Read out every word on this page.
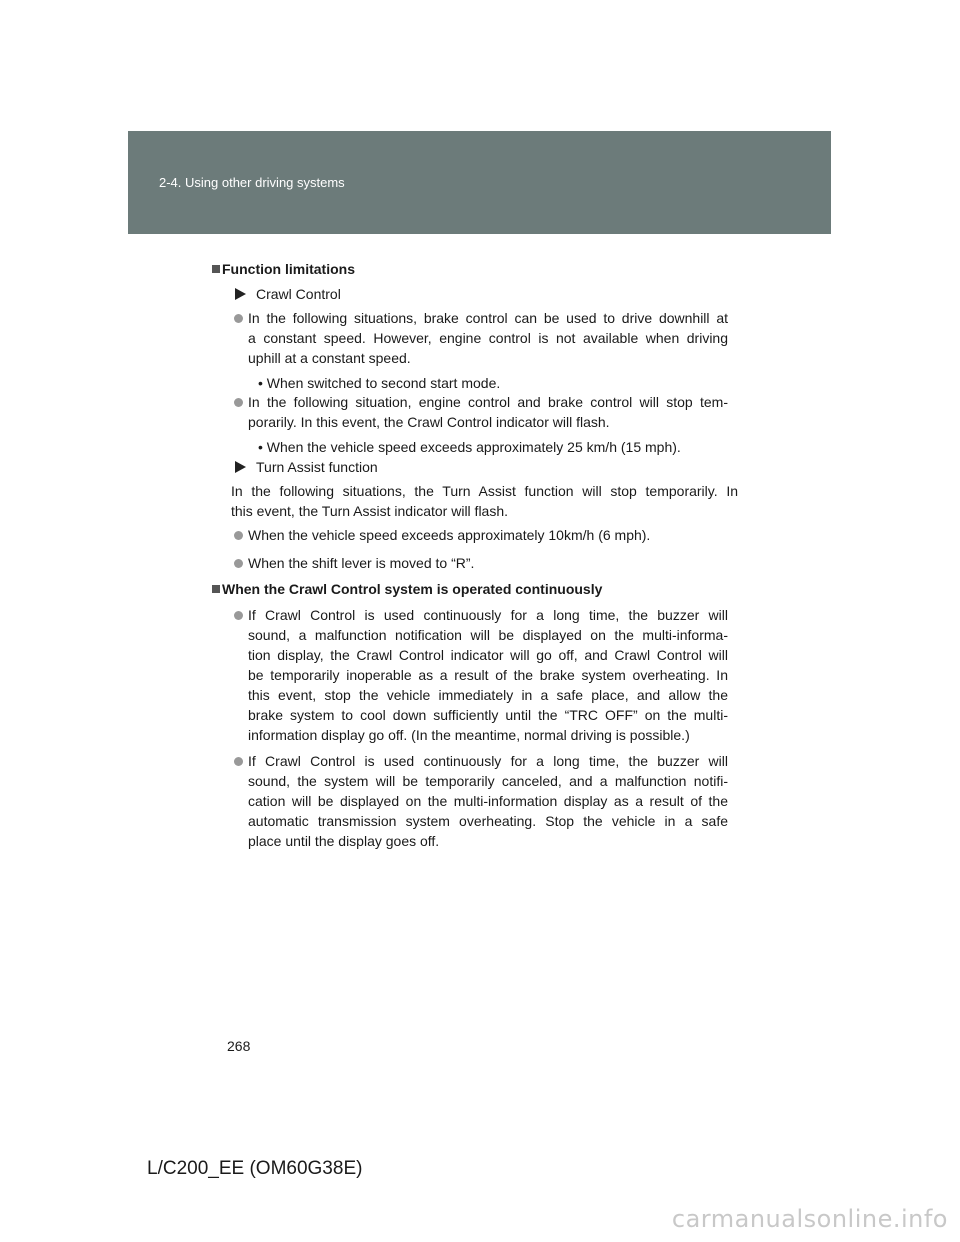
2-4. Using other driving systems
Function limitations
Crawl Control
In the following situations, brake control can be used to drive downhill at
a constant speed. However, engine control is not available when driving
uphill at a constant speed.
• When switched to second start mode.
In the following situation, engine control and brake control will stop tem-
porarily. In this event, the Crawl Control indicator will flash.
• When the vehicle speed exceeds approximately 25 km/h (15 mph).
Turn Assist function
In the following situations, the Turn Assist function will stop temporarily. In
this event, the Turn Assist indicator will flash.
When the vehicle speed exceeds approximately 10km/h (6 mph).
When the shift lever is moved to “R”.
When the Crawl Control system is operated continuously
If Crawl Control is used continuously for a long time, the buzzer will
sound, a malfunction notification will be displayed on the multi-informa-
tion display, the Crawl Control indicator will go off, and Crawl Control will
be temporarily inoperable as a result of the brake system overheating. In
this event, stop the vehicle immediately in a safe place, and allow the
brake system to cool down sufficiently until the “TRC OFF” on the multi-
information display go off. (In the meantime, normal driving is possible.)
If Crawl Control is used continuously for a long time, the buzzer will
sound, the system will be temporarily canceled, and a malfunction notifi-
cation will be displayed on the multi-information display as a result of the
automatic transmission system overheating. Stop the vehicle in a safe
place until the display goes off.
268
L/C200_EE (OM60G38E)
carmanualsonline.info
